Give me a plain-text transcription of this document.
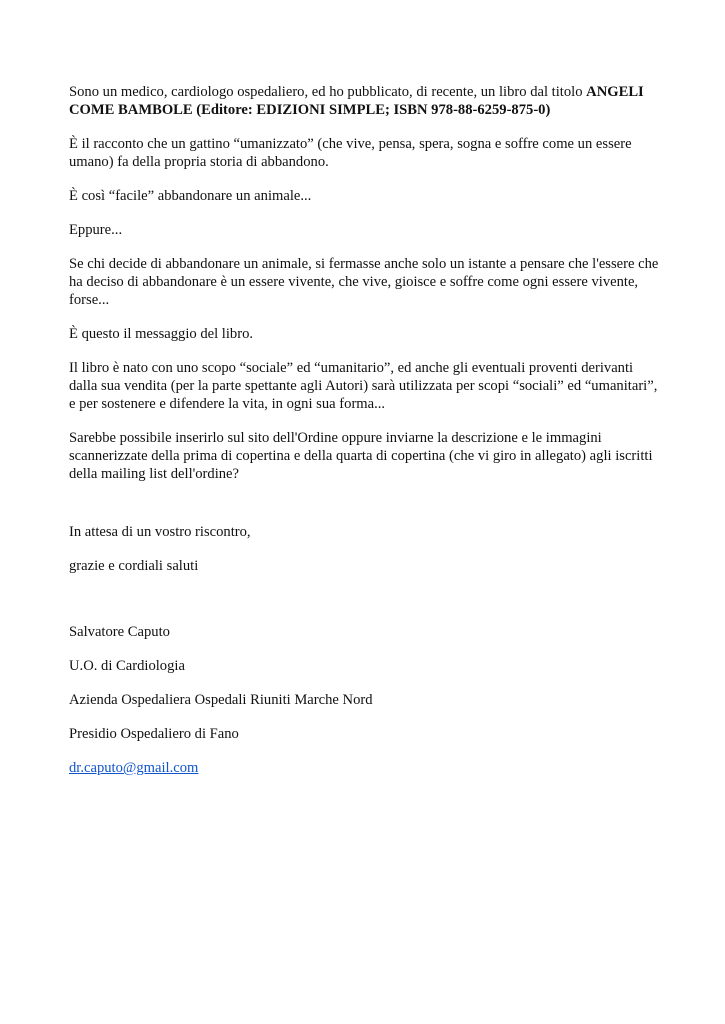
Sono un medico, cardiologo ospedaliero, ed ho pubblicato, di recente, un libro dal titolo ANGELI COME BAMBOLE (Editore: EDIZIONI SIMPLE; ISBN 978-88-6259-875-0)

È il racconto che un gattino “umanizzato” (che vive, pensa, spera, sogna e soffre come un essere umano) fa della propria storia di abbandono.

È così “facile” abbandonare un animale...

Eppure...

Se chi decide di abbandonare un animale, si fermasse anche solo un istante a pensare che l'essere che ha deciso di abbandonare è un essere vivente, che vive, gioisce e soffre come ogni essere vivente, forse...

È questo il messaggio del libro.

Il libro è nato con uno scopo “sociale” ed “umanitario”, ed anche gli eventuali proventi derivanti dalla sua vendita (per la parte spettante agli Autori) sarà utilizzata per scopi “sociali” ed “umanitari”, e per sostenere e difendere la vita, in ogni sua forma...

Sarebbe possibile inserirlo sul sito dell'Ordine oppure inviarne la descrizione e le immagini scannerizzate della prima di copertina e della quarta di copertina (che vi giro in allegato) agli iscritti della mailing list dell'ordine?

In attesa di un vostro riscontro,

grazie e cordiali saluti

Salvatore Caputo

U.O. di Cardiologia

Azienda Ospedaliera Ospedali Riuniti Marche Nord

Presidio Ospedaliero di Fano

dr.caputo@gmail.com
